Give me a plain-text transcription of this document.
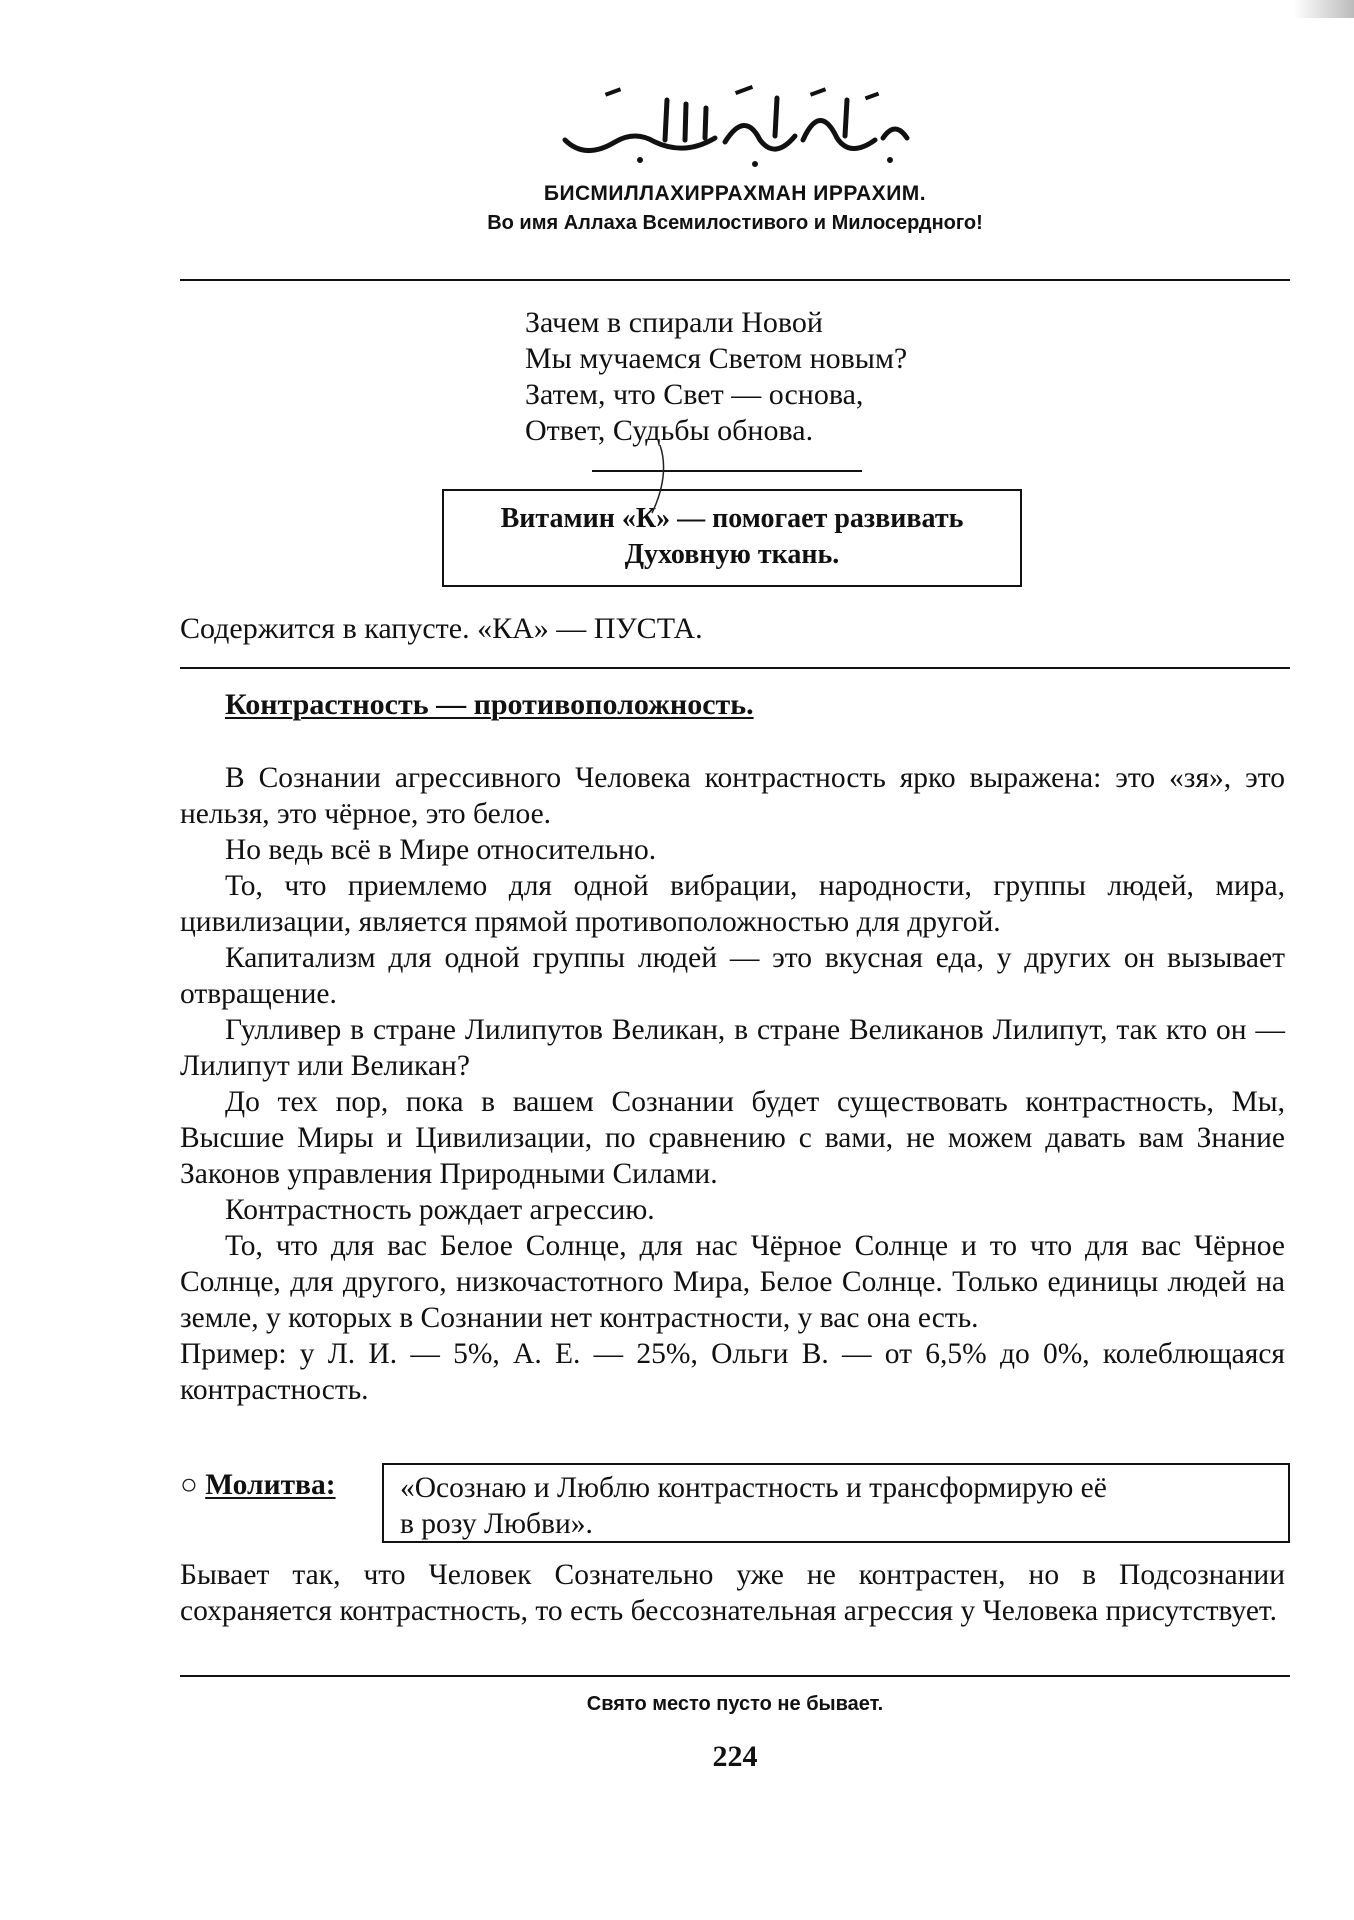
БИСМИЛЛАХИРРАХМАН ИРРАХИМ.
Во имя Аллаха Всемилостивого и Милосердного!
Зачем в спирали Новой
Мы мучаемся Светом новым?
Затем, что Свет — основа,
Ответ, Судьбы обнова.
Витамин «К» — помогает развивать
Духовную ткань.
Содержится в капусте. «КА» — ПУСТА.
Контрастность — противоположность.

В Сознании агрессивного Человека контрастность ярко выражена: это «зя», это нельзя, это чёрное, это белое.

Но ведь всё в Мире относительно.

То, что приемлемо для одной вибрации, народности, группы людей, мира, цивилизации, является прямой противоположностью для другой.

Капитализм для одной группы людей — это вкусная еда, у других он вызывает отвращение.

Гулливер в стране Лилипутов Великан, в стране Великанов Лилипут, так кто он — Лилипут или Великан?

До тех пор, пока в вашем Сознании будет существовать контрастность, Мы, Высшие Миры и Цивилизации, по сравнению с вами, не можем давать вам Знание Законов управления Природными Силами.

Контрастность рождает агрессию.

То, что для вас Белое Солнце, для нас Чёрное Солнце и то что для вас Чёрное Солнце, для другого, низкочастотного Мира, Белое Солнце. Только единицы людей на земле, у которых в Сознании нет контрастности, у вас она есть.

Пример: у Л. И. — 5%, А. Е. — 25%, Ольги В. — от 6,5% до 0%, колеблющаяся контрастность.

○ Молитва: «Осознаю и Люблю контрастность и трансформирую её
в розу Любви».
Бывает так, что Человек Сознательно уже не контрастен, но в Подсознании сохраняется контрастность, то есть бессознательная агрессия у Человека присутствует.
Свято место пусто не бывает.
224
